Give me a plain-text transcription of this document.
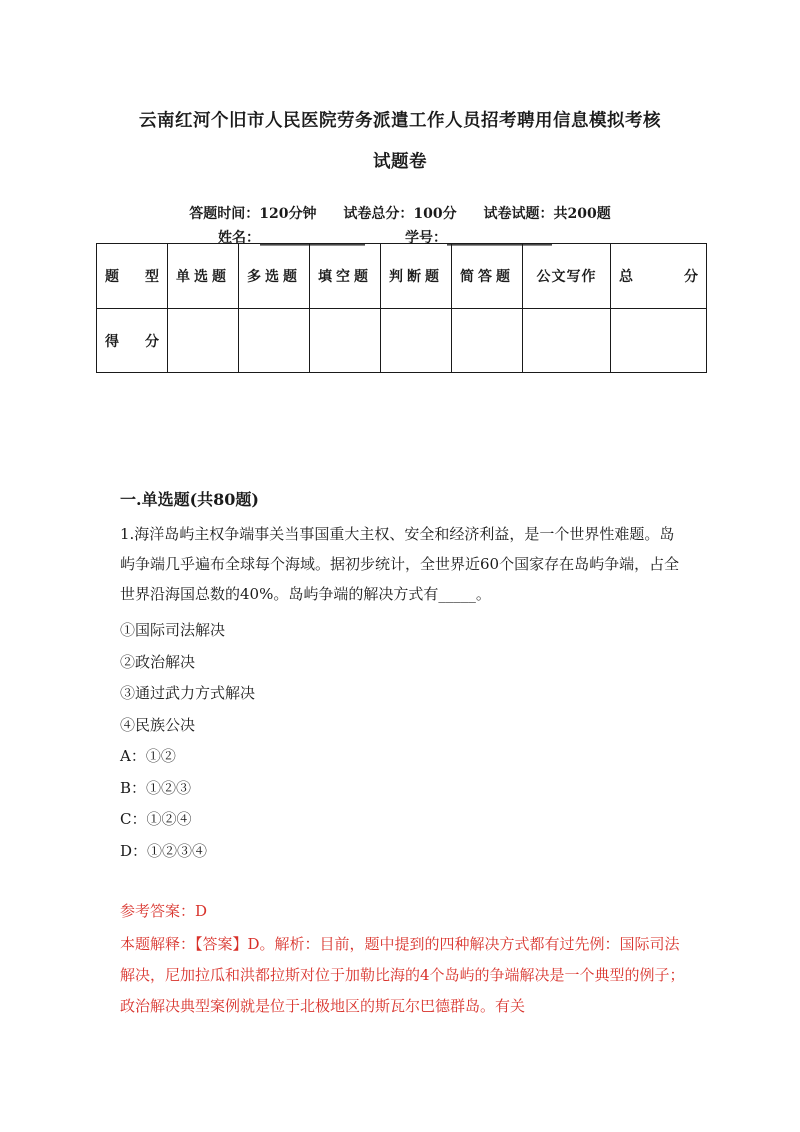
云南红河个旧市人民医院劳务派遣工作人员招考聘用信息模拟考核
试题卷
答题时间：120分钟 试卷总分：100分 试卷试题：共200题
姓名：_______________	学号：_______________
题 型	单选题	多选题	填空题	判断题	简答题	公文写作	总 分

得 分							

一.单选题(共80题)

1.海洋岛屿主权争端事关当事国重大主权、安全和经济利益，是一个世界性难题。岛屿争端几乎遍布全球每个海域。据初步统计，全世界近60个国家存在岛屿争端，占全世界沿海国总数的40%。岛屿争端的解决方式有_____。

①国际司法解决

②政治解决

③通过武力方式解决

④民族公决

A：①②

B：①②③

C：①②④

D：①②③④

参考答案：D
本题解释：【答案】D。解析：目前，题中提到的四种解决方式都有过先例：国际司法解决，尼加拉瓜和洪都拉斯对位于加勒比海的4个岛屿的争端解决是一个典型的例子；政治解决典型案例就是位于北极地区的斯瓦尔巴德群岛。有关
